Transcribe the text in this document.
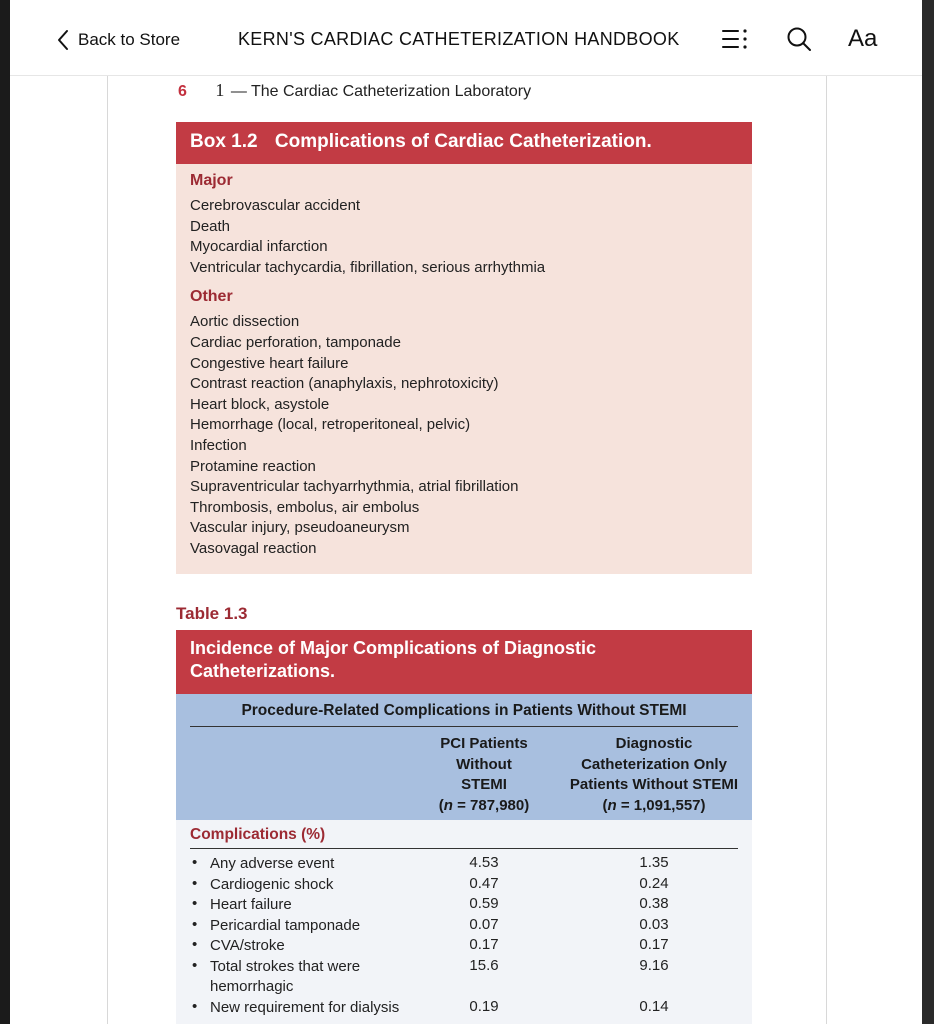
Back to Store	KERN'S CARDIAC CATHETERIZATION HANDBOOK	Aa
6 1 — The Cardiac Catheterization Laboratory
Box 1.2 Complications of Cardiac Catheterization.
Major
Cerebrovascular accident
Death
Myocardial infarction
Ventricular tachycardia, fibrillation, serious arrhythmia
Other
Aortic dissection
Cardiac perforation, tamponade
Congestive heart failure
Contrast reaction (anaphylaxis, nephrotoxicity)
Heart block, asystole
Hemorrhage (local, retroperitoneal, pelvic)
Infection
Protamine reaction
Supraventricular tachyarrhythmia, atrial fibrillation
Thrombosis, embolus, air embolus
Vascular injury, pseudoaneurysm
Vasovagal reaction
Table 1.3
Incidence of Major Complications of Diagnostic
Catheterizations.
Procedure-Related Complications in Patients Without STEMI
PCI Patients
Without
STEMI
(n = 787,980)
Diagnostic
Catheterization Only
Patients Without STEMI
(n = 1,091,557)
Complications (%)
• Any adverse event	4.53	1.35
• Cardiogenic shock	0.47	0.24
• Heart failure	0.59	0.38
• Pericardial tamponade	0.07	0.03
• CVA/stroke	0.17	0.17
• Total strokes that were hemorrhagic
15.6	9.16
• New requirement for dialysis	0.19	0.14
